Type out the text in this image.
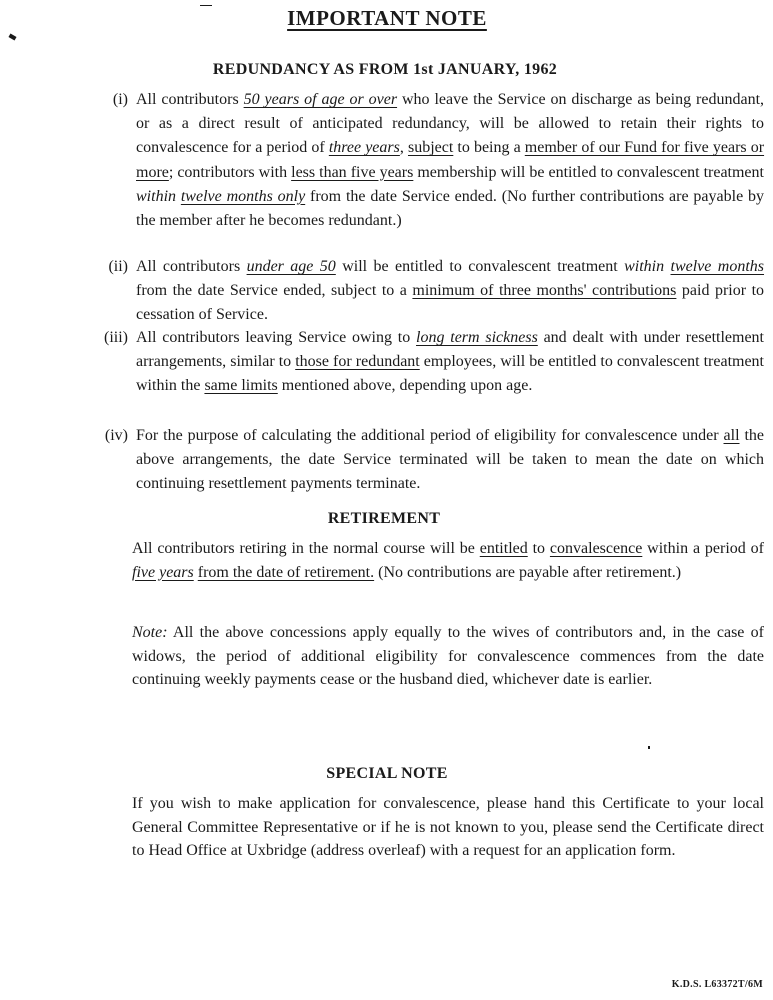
IMPORTANT NOTE
REDUNDANCY AS FROM 1st JANUARY, 1962
(i) All contributors 50 years of age or over who leave the Service on discharge as being redundant, or as a direct result of anticipated redundancy, will be allowed to retain their rights to convalescence for a period of three years, subject to being a member of our Fund for five years or more; contributors with less than five years membership will be entitled to convalescent treatment within twelve months only from the date Service ended. (No further contributions are payable by the member after he becomes redundant.)
(ii) All contributors under age 50 will be entitled to convalescent treatment within twelve months from the date Service ended, subject to a minimum of three months' contributions paid prior to cessation of Service.
(iii) All contributors leaving Service owing to long term sickness and dealt with under resettlement arrangements, similar to those for redundant employees, will be entitled to convalescent treatment within the same limits mentioned above, depending upon age.
(iv) For the purpose of calculating the additional period of eligibility for convalescence under all the above arrangements, the date Service terminated will be taken to mean the date on which continuing resettlement payments terminate.
RETIREMENT
All contributors retiring in the normal course will be entitled to convalescence within a period of five years from the date of retirement. (No contributions are payable after retirement.)
Note: All the above concessions apply equally to the wives of contributors and, in the case of widows, the period of additional eligibility for convalescence commences from the date continuing weekly payments cease or the husband died, whichever date is earlier.
SPECIAL NOTE
If you wish to make application for convalescence, please hand this Certificate to your local General Committee Representative or if he is not known to you, please send the Certificate direct to Head Office at Uxbridge (address overleaf) with a request for an application form.
K.D.S. L63372T/6M
